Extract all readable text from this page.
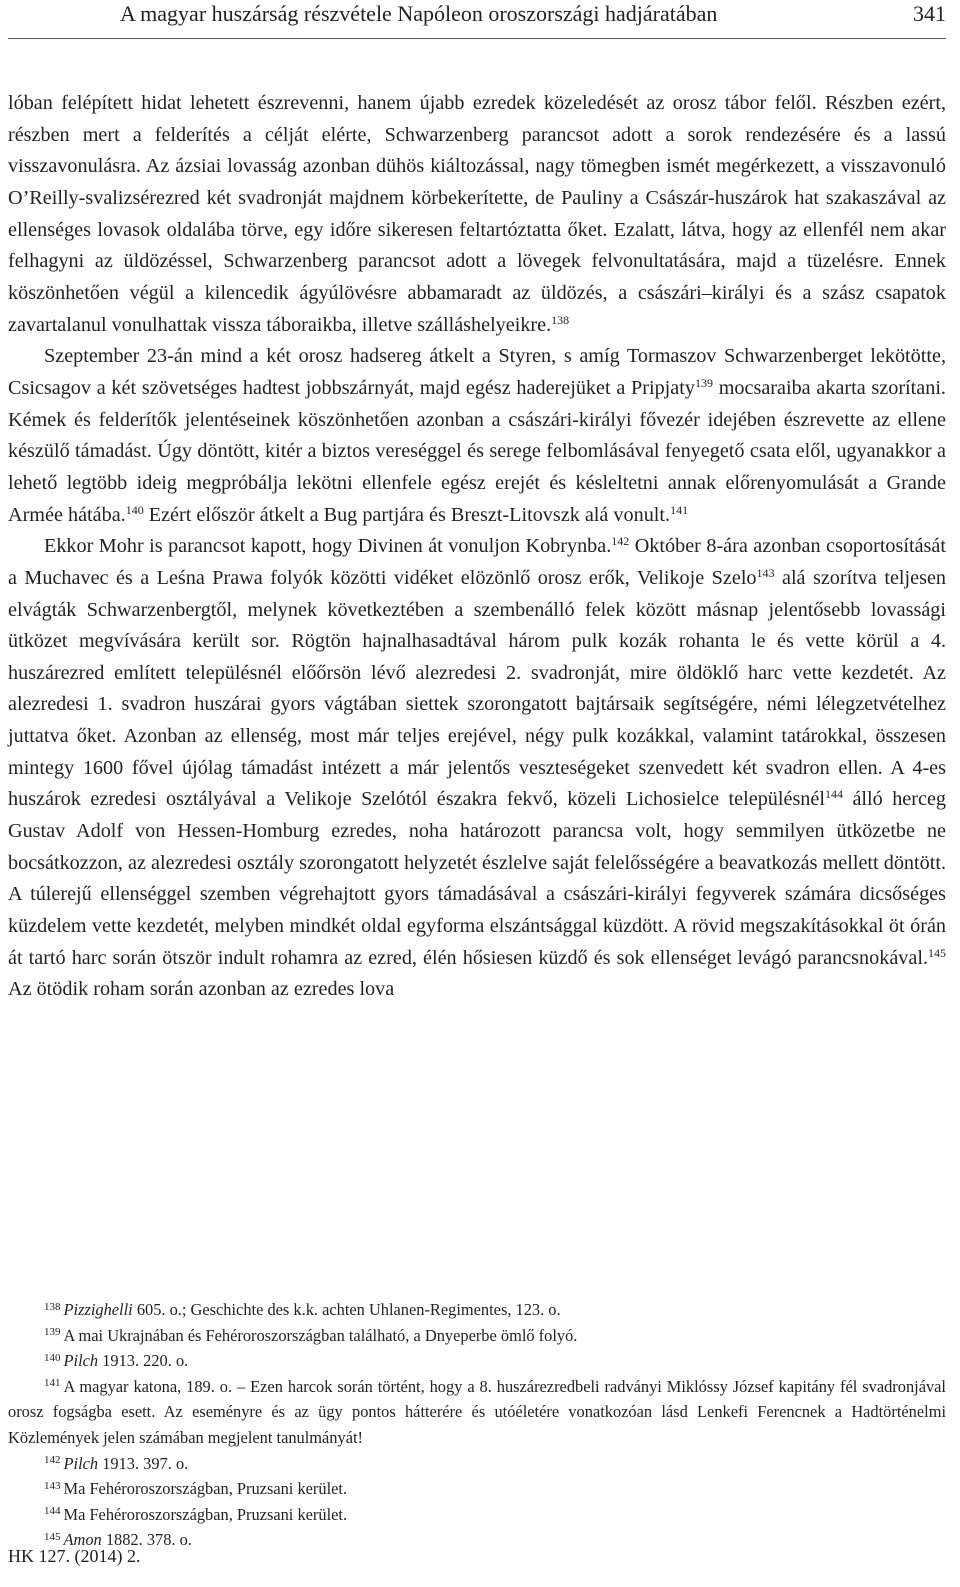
A magyar huszárság részvétele Napóleon oroszországi hadjáratában	341

lóban felépített hidat lehetett észrevenni, hanem újabb ezredek közeledését az orosz tábor felől. Részben ezért, részben mert a felderítés a célját elérte, Schwarzenberg parancsot adott a sorok rendezésére és a lassú visszavonulásra. Az ázsiai lovasság azonban dühös kiáltozással, nagy tömegben ismét megérkezett, a visszavonuló O’Reilly-svalizsérezred két svadronját majdnem körbekerítette, de Pauliny a Császár-huszárok hat szakaszával az ellenséges lovasok oldalába törve, egy időre sikeresen feltartóztatta őket. Ezalatt, látva, hogy az ellenfél nem akar felhagyni az üldözéssel, Schwarzenberg parancsot adott a lövegek felvonultatására, majd a tüzelésre. Ennek köszönhetően végül a kilencedik ágyúlövésre abbamaradt az üldözés, a császári–királyi és a szász csapatok zavartalanul vonulhattak vissza táboraikba, illetve szálláshelyeikre.$^{138}$

Szeptember 23-án mind a két orosz hadsereg átkelt a Styren, s amíg Tormaszov Schwarzenberget lekötötte, Csicsagov a két szövetséges hadtest jobbszárnyát, majd egész haderejüket a Pripjaty$^{139}$ mocsaraiba akarta szorítani. Kémek és felderítők jelentéseinek köszönhetően azonban a császári-királyi fővezér idejében észrevette az ellene készülő támadást. Úgy döntött, kitér a biztos vereséggel és serege felbomlásával fenyegető csata elől, ugyanakkor a lehető legtöbb ideig megpróbálja lekötni ellenfele egész erejét és késleltetni annak előrenyomulását a Grande Armée hátába.$^{140}$ Ezért először átkelt a Bug partjára és Breszt-Litovszk alá vonult.$^{141}$

Ekkor Mohr is parancsot kapott, hogy Divinen át vonuljon Kobrynba.$^{142}$ Október 8-ára azonban csoportosítását a Muchavec és a Leśna Prawa folyók közötti vidéket elözönlő orosz erők, Velikoje Szelo$^{143}$ alá szorítva teljesen elvágták Schwarzenbergtől, melynek következtében a szembenálló felek között másnap jelentősebb lovassági ütközet megvívására került sor. Rögtön hajnalhasadtával három pulk kozák rohanta le és vette körül a 4. huszárezred említett településnél előőrsön lévő alezredesi 2. svadronját, mire öldöklő harc vette kezdetét. Az alezredesi 1. svadron huszárai gyors vágtában siettek szorongatott bajtársaik segítségére, némi lélegzetvételhez juttatva őket. Azonban az ellenség, most már teljes erejével, négy pulk kozákkal, valamint tatárokkal, összesen mintegy 1600 fővel újólag támadást intézett a már jelentős veszteségeket szenvedett két svadron ellen. A 4-es huszárok ezredesi osztályával a Velikoje Szelótól északra fekvő, közeli Lichosielce településnél$^{144}$ álló herceg Gustav Adolf von Hessen-Homburg ezredes, noha határozott parancsa volt, hogy semmilyen ütközetbe ne bocsátkozzon, az alezredesi osztály szorongatott helyzetét észlelve saját felelősségére a beavatkozás mellett döntött. A túlerejű ellenséggel szemben végrehajtott gyors támadásával a császári-királyi fegyverek számára dicsőséges küzdelem vette kezdetét, melyben mindkét oldal egyforma elszántsággal küzdött. A rövid megszakításokkal öt órán át tartó harc során ötször indult rohamra az ezred, élén hősiesen küzdő és sok ellenséget levágó parancsnokával.$^{145}$ Az ötödik roham során azonban az ezredes lova

$^{138}$ Pizzighelli 605. o.; Geschichte des k.k. achten Uhlanen-Regimentes, 123. o.

$^{139}$ A mai Ukrajnában és Fehéroroszországban található, a Dnyeperbe ömlő folyó.

$^{140}$ Pilch 1913. 220. o.

$^{141}$ A magyar katona, 189. o. – Ezen harcok során történt, hogy a 8. huszárezredbeli radványi Miklóssy József kapitány fél svadronjával orosz fogságba esett. Az eseményre és az ügy pontos hátterére és utóéletére vonatkozóan lásd Lenkefi Ferencnek a Hadtörténelmi Közlemények jelen számában megjelent tanulmányát!

$^{142}$ Pilch 1913. 397. o.

$^{143}$ Ma Fehéroroszországban, Pruzsani kerület.

$^{144}$ Ma Fehéroroszországban, Pruzsani kerület.

$^{145}$ Amon 1882. 378. o.

HK 127. (2014) 2.
